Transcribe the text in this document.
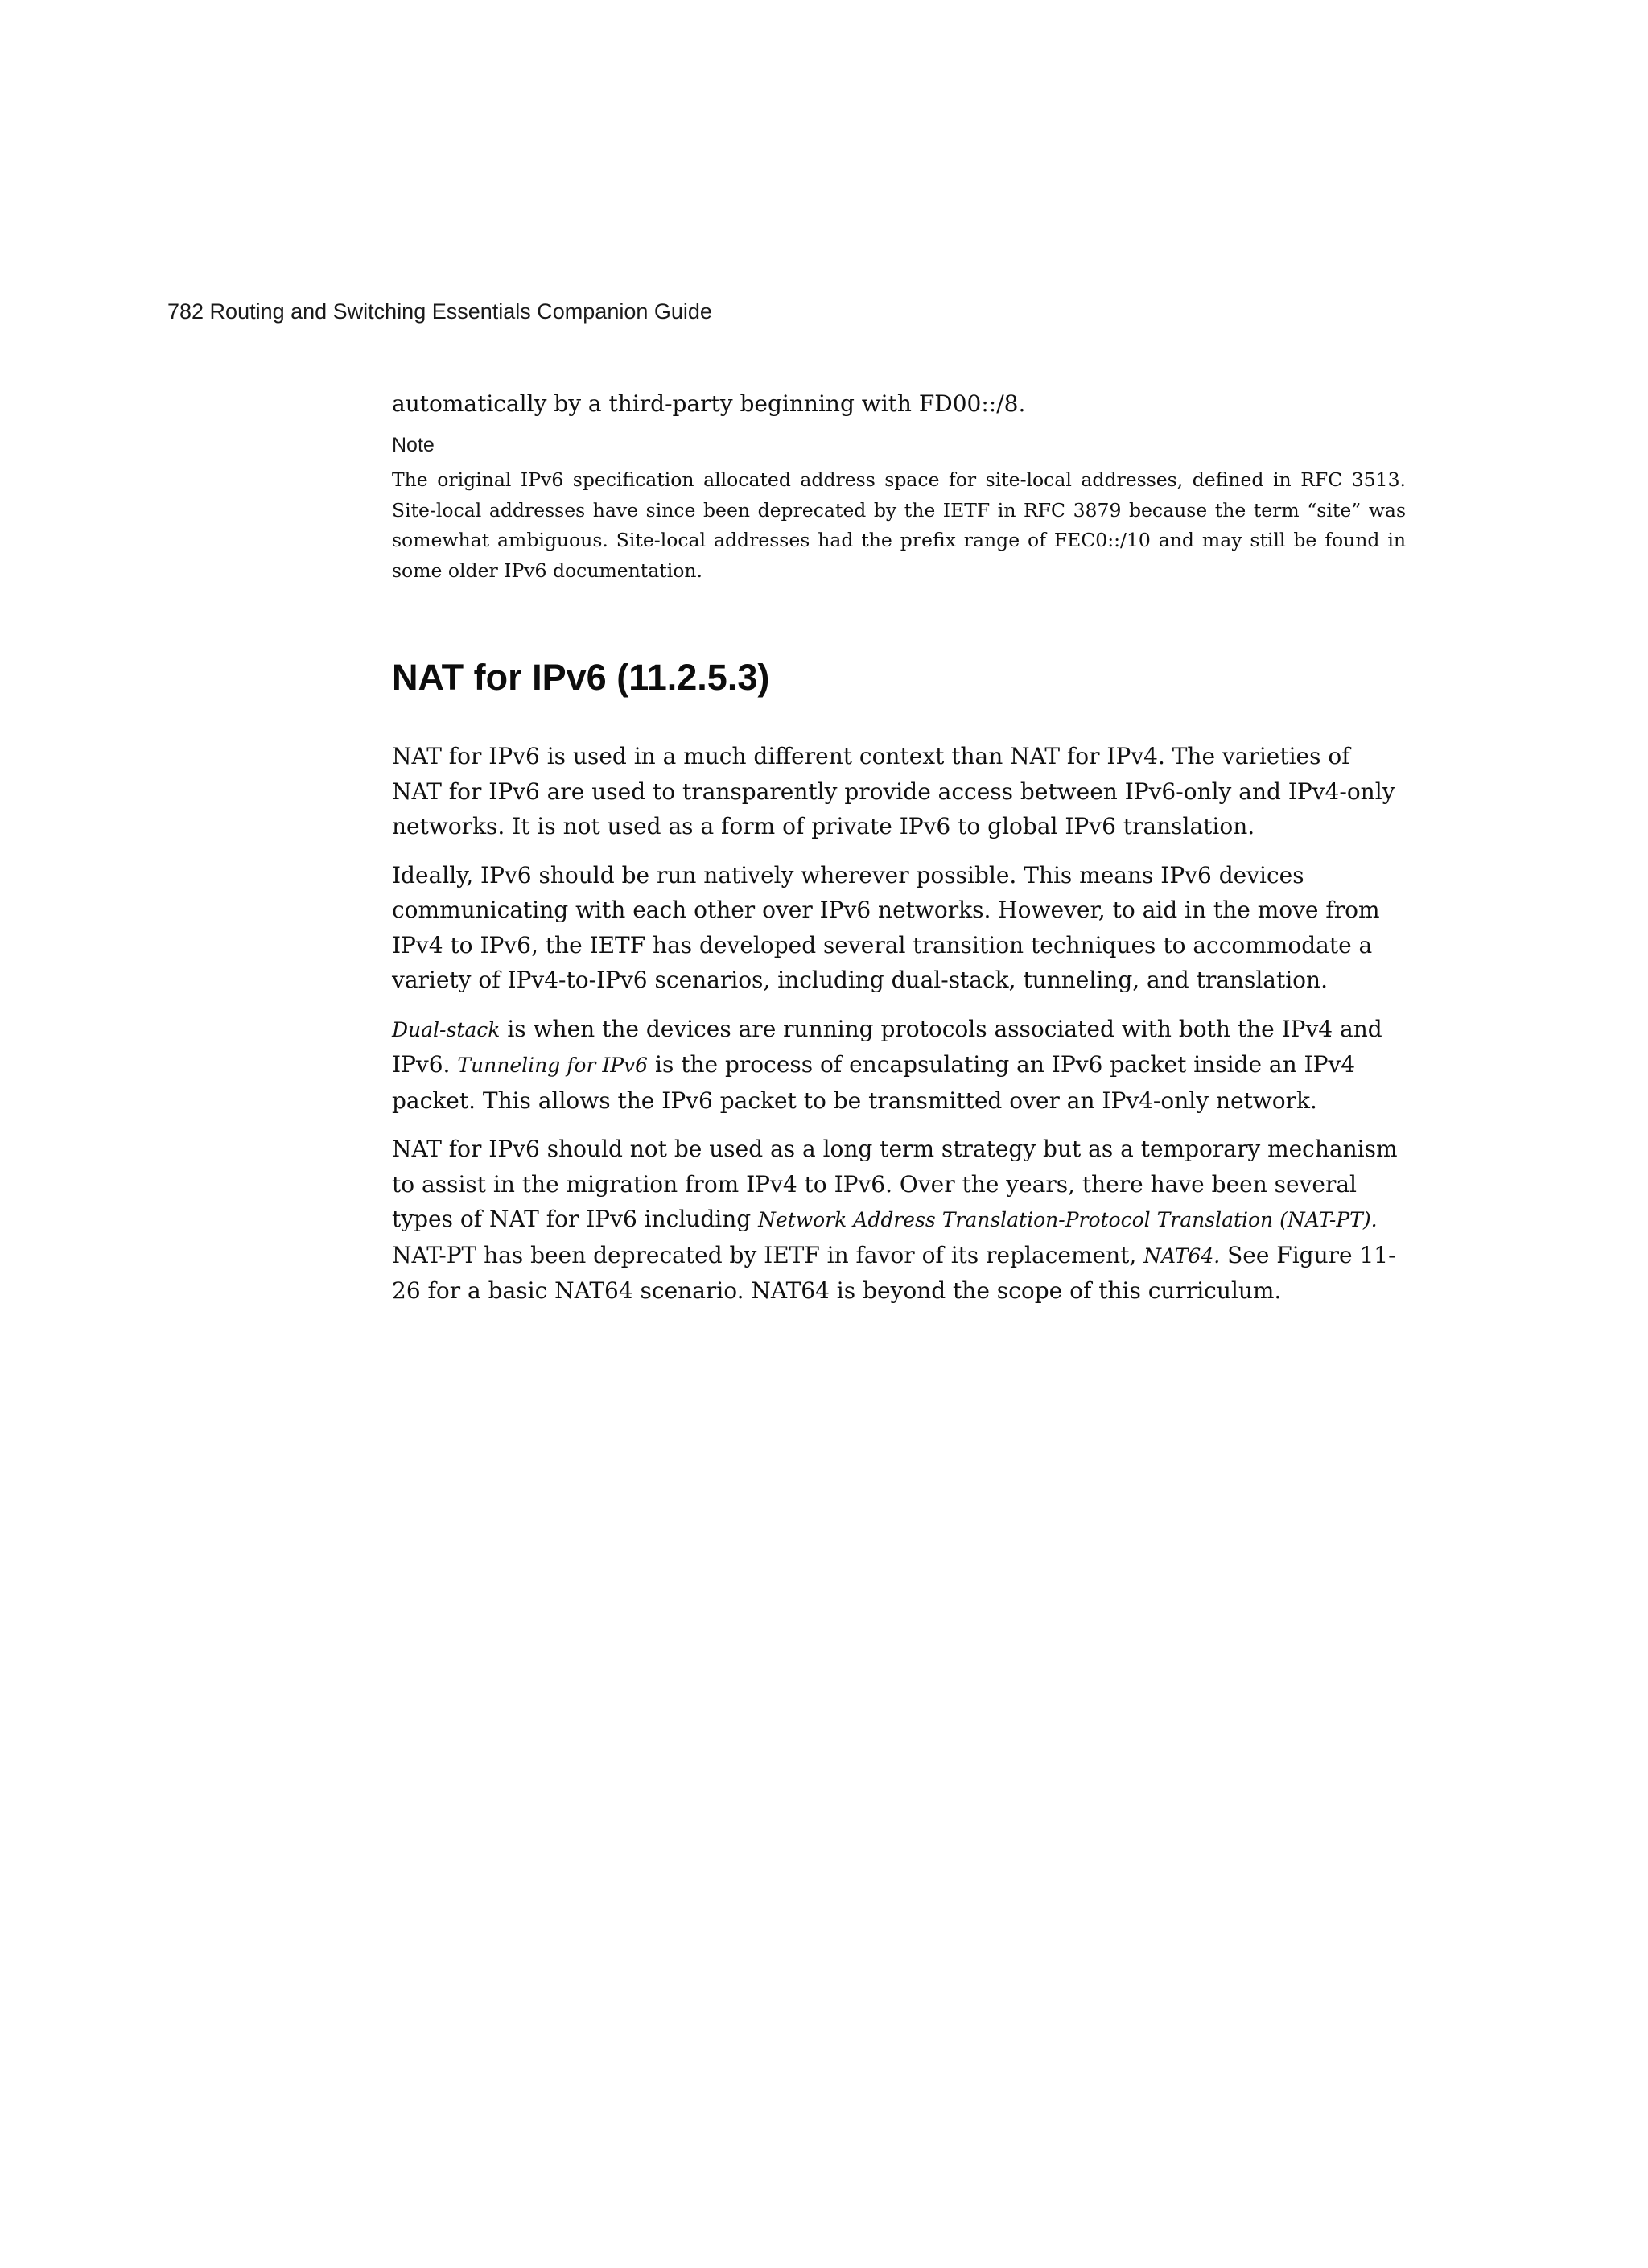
782 Routing and Switching Essentials Companion Guide

automatically by a third-party beginning with FD00::/8.

Note

The original IPv6 specification allocated address space for site-local addresses, defined in RFC 3513. Site-local addresses have since been deprecated by the IETF in RFC 3879 because the term “site” was somewhat ambiguous. Site-local addresses had the prefix range of FEC0::/10 and may still be found in some older IPv6 documentation.

NAT for IPv6 (11.2.5.3)

NAT for IPv6 is used in a much different context than NAT for IPv4. The varieties of NAT for IPv6 are used to transparently provide access between IPv6-only and IPv4-only networks. It is not used as a form of private IPv6 to global IPv6 translation.

Ideally, IPv6 should be run natively wherever possible. This means IPv6 devices communicating with each other over IPv6 networks. However, to aid in the move from IPv4 to IPv6, the IETF has developed several transition techniques to accommodate a variety of IPv4-to-IPv6 scenarios, including dual-stack, tunneling, and translation.

Dual-stack is when the devices are running protocols associated with both the IPv4 and IPv6. Tunneling for IPv6 is the process of encapsulating an IPv6 packet inside an IPv4 packet. This allows the IPv6 packet to be transmitted over an IPv4-only network.

NAT for IPv6 should not be used as a long term strategy but as a temporary mechanism to assist in the migration from IPv4 to IPv6. Over the years, there have been several types of NAT for IPv6 including Network Address Translation-Protocol Translation (NAT-PT). NAT-PT has been deprecated by IETF in favor of its replacement, NAT64. See Figure 11-26 for a basic NAT64 scenario. NAT64 is beyond the scope of this curriculum.
